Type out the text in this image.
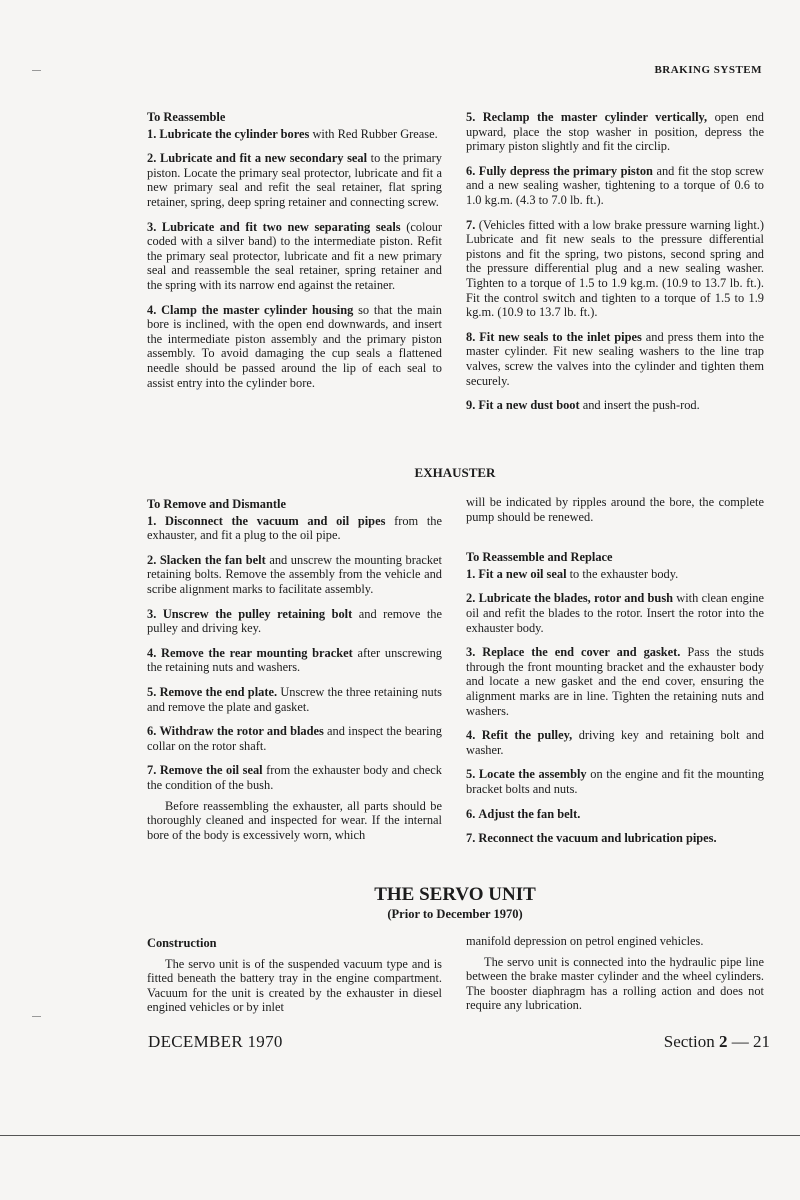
BRAKING SYSTEM
To Reassemble

1. Lubricate the cylinder bores with Red Rubber Grease.

2. Lubricate and fit a new secondary seal to the primary piston. Locate the primary seal protector, lubricate and fit a new primary seal and refit the seal retainer, flat spring retainer, spring, deep spring retainer and connecting screw.

3. Lubricate and fit two new separating seals (colour coded with a silver band) to the intermediate piston. Refit the primary seal protector, lubricate and fit a new primary seal and reassemble the seal retainer, spring retainer and the spring with its narrow end against the retainer.

4. Clamp the master cylinder housing so that the main bore is inclined, with the open end downwards, and insert the intermediate piston assembly and the primary piston assembly. To avoid damaging the cup seals a flattened needle should be passed around the lip of each seal to assist entry into the cylinder bore.

5. Reclamp the master cylinder vertically, open end upward, place the stop washer in position, depress the primary piston slightly and fit the circlip.

6. Fully depress the primary piston and fit the stop screw and a new sealing washer, tightening to a torque of 0.6 to 1.0 kg.m. (4.3 to 7.0 lb. ft.).

7. (Vehicles fitted with a low brake pressure warning light.) Lubricate and fit new seals to the pressure differential pistons and fit the spring, two pistons, second spring and the pressure differential plug and a new sealing washer. Tighten to a torque of 1.5 to 1.9 kg.m. (10.9 to 13.7 lb. ft.). Fit the control switch and tighten to a torque of 1.5 to 1.9 kg.m. (10.9 to 13.7 lb. ft.).

8. Fit new seals to the inlet pipes and press them into the master cylinder. Fit new sealing washers to the line trap valves, screw the valves into the cylinder and tighten them securely.

9. Fit a new dust boot and insert the push-rod.

EXHAUSTER
To Remove and Dismantle

1. Disconnect the vacuum and oil pipes from the exhauster, and fit a plug to the oil pipe.

2. Slacken the fan belt and unscrew the mounting bracket retaining bolts. Remove the assembly from the vehicle and scribe alignment marks to facilitate assembly.

3. Unscrew the pulley retaining bolt and remove the pulley and driving key.

4. Remove the rear mounting bracket after unscrewing the retaining nuts and washers.

5. Remove the end plate. Unscrew the three retaining nuts and remove the plate and gasket.

6. Withdraw the rotor and blades and inspect the bearing collar on the rotor shaft.

7. Remove the oil seal from the exhauster body and check the condition of the bush.

Before reassembling the exhauster, all parts should be thoroughly cleaned and inspected for wear. If the internal bore of the body is excessively worn, which

will be indicated by ripples around the bore, the complete pump should be renewed.

To Reassemble and Replace

1. Fit a new oil seal to the exhauster body.

2. Lubricate the blades, rotor and bush with clean engine oil and refit the blades to the rotor. Insert the rotor into the exhauster body.

3. Replace the end cover and gasket. Pass the studs through the front mounting bracket and the exhauster body and locate a new gasket and the end cover, ensuring the alignment marks are in line. Tighten the retaining nuts and washers.

4. Refit the pulley, driving key and retaining bolt and washer.

5. Locate the assembly on the engine and fit the mounting bracket bolts and nuts.

6. Adjust the fan belt.

7. Reconnect the vacuum and lubrication pipes.

THE SERVO UNIT
(Prior to December 1970)
Construction

The servo unit is of the suspended vacuum type and is fitted beneath the battery tray in the engine compartment. Vacuum for the unit is created by the exhauster in diesel engined vehicles or by inlet

manifold depression on petrol engined vehicles.

The servo unit is connected into the hydraulic pipe line between the brake master cylinder and the wheel cylinders. The booster diaphragm has a rolling action and does not require any lubrication.

DECEMBER 1970	Section 2 — 21
